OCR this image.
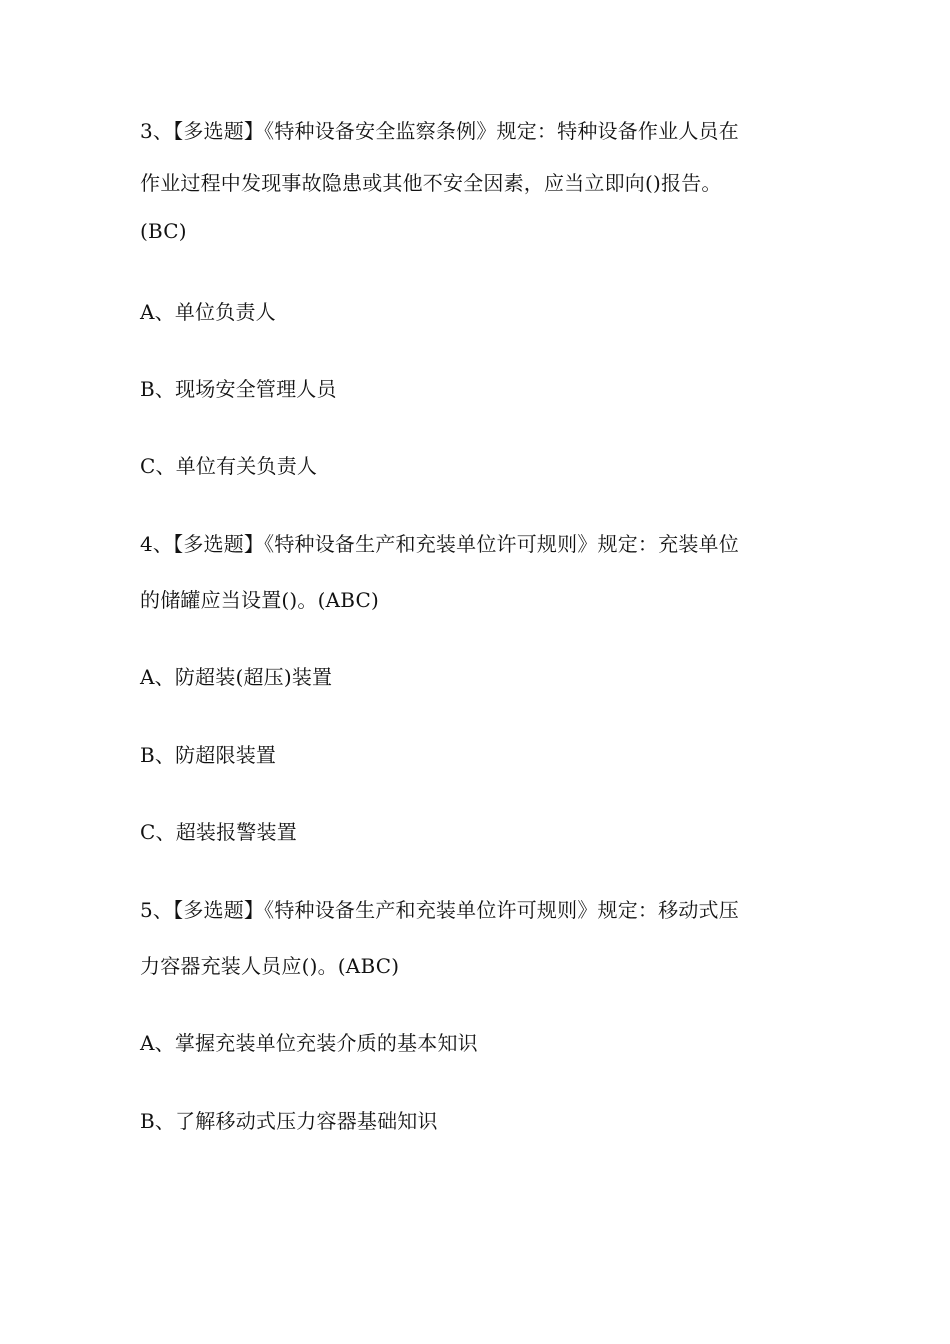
3、【多选题】《特种设备安全监察条例》规定：特种设备作业人员在
作业过程中发现事故隐患或其他不安全因素，应当立即向()报告。
(BC)
A、单位负责人
B、现场安全管理人员
C、单位有关负责人
4、【多选题】《特种设备生产和充装单位许可规则》规定：充装单位
的储罐应当设置()。(ABC)
A、防超装(超压)装置
B、防超限装置
C、超装报警装置
5、【多选题】《特种设备生产和充装单位许可规则》规定：移动式压
力容器充装人员应()。(ABC)
A、掌握充装单位充装介质的基本知识
B、了解移动式压力容器基础知识
